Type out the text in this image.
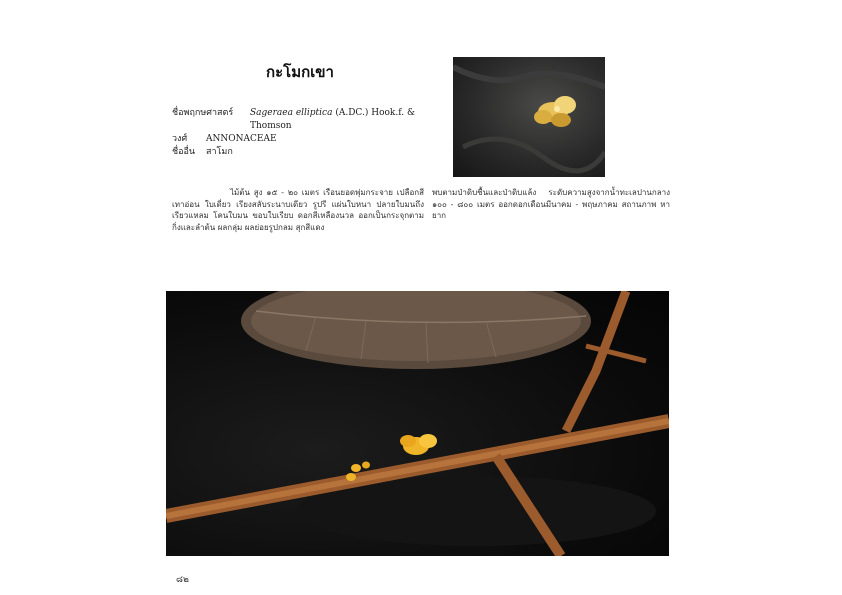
กะโมกเขา
ชื่อพฤกษศาสตร์	Sageraea elliptica (A.DC.) Hook.f. & Thomson
วงศ์	ANNONACEAE
ชื่ออื่น	สาโมก
ไม้ต้น สูง ๑๕ - ๒๐ เมตร เรือนยอดพุ่มกระจาย เปลือกสีเทาอ่อน ใบเดี่ยว เรียงสลับระนาบเดียว รูปรี แผ่นใบหนา ปลายใบมนถึงเรียวแหลม โคนใบมน ขอบใบเรียบ ดอกสีเหลืองนวล ออกเป็นกระจุกตามกิ่งและลำต้น ผลกลุ่ม ผลย่อยรูปกลม สุกสีแดง
พบตามป่าดิบชื้นและป่าดิบแล้ง ระดับความสูงจากน้ำทะเลปานกลาง ๑๐๐ - ๘๐๐ เมตร ออกดอกเดือนมีนาคม - พฤษภาคม สถานภาพ หายาก
๘๒
